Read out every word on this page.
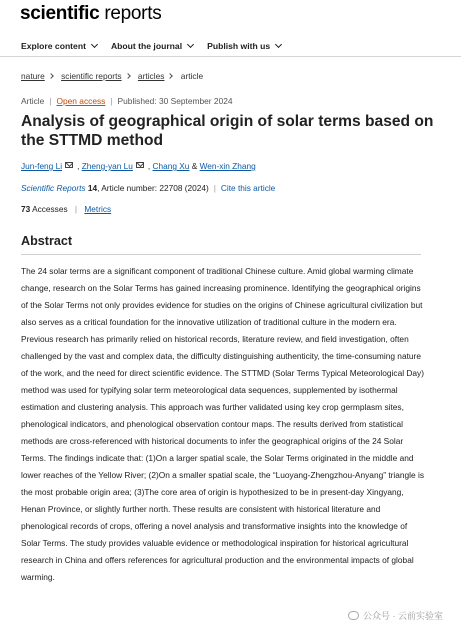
scientific reports
Explore content	About the journal	Publish with us
nature scientific reports articles article
Article | Open access | Published: 30 September 2024
Analysis of geographical origin of solar terms based on the STTMD method
Jun-feng Li , Zheng-yan Lu , Chang Xu
&
Wen-xin Zhang
Scientific Reports 14, Article number: 22708 (2024) | Cite this article
73 Accesses | Metrics
Abstract

The 24 solar terms are a significant component of traditional Chinese culture. Amid global warming climate change, research on the Solar Terms has gained increasing prominence. Identifying the geographical origins of the Solar Terms not only provides evidence for studies on the origins of Chinese agricultural civilization but also serves as a critical foundation for the innovative utilization of traditional culture in the modern era. Previous research has primarily relied on historical records, literature review, and field investigation, often challenged by the vast and complex data, the difficulty distinguishing authenticity, the time-consuming nature of the work, and the need for direct scientific evidence. The STTMD (Solar Terms Typical Meteorological Day) method was used for typifying solar term meteorological data sequences, supplemented by isothermal estimation and clustering analysis. This approach was further validated using key crop germplasm sites, phenological indicators, and phenological observation contour maps. The results derived from statistical methods are cross-referenced with historical documents to infer the geographical origins of the 24 Solar Terms. The findings indicate that: (1)On a larger spatial scale, the Solar Terms originated in the middle and lower reaches of the Yellow River; (2)On a smaller spatial scale, the “Luoyang-Zhengzhou-Anyang” triangle is the most probable origin area; (3)The core area of origin is hypothesized to be in present-day Xingyang, Henan Province, or slightly further north. These results are consistent with historical literature and phenological records of crops, offering a novel analysis and transformative insights into the knowledge of Solar Terms. The study provides valuable evidence or methodological inspiration for historical agricultural research in China and offers references for agricultural production and the environmental impacts of global warming.

公众号 · 云前实验室
